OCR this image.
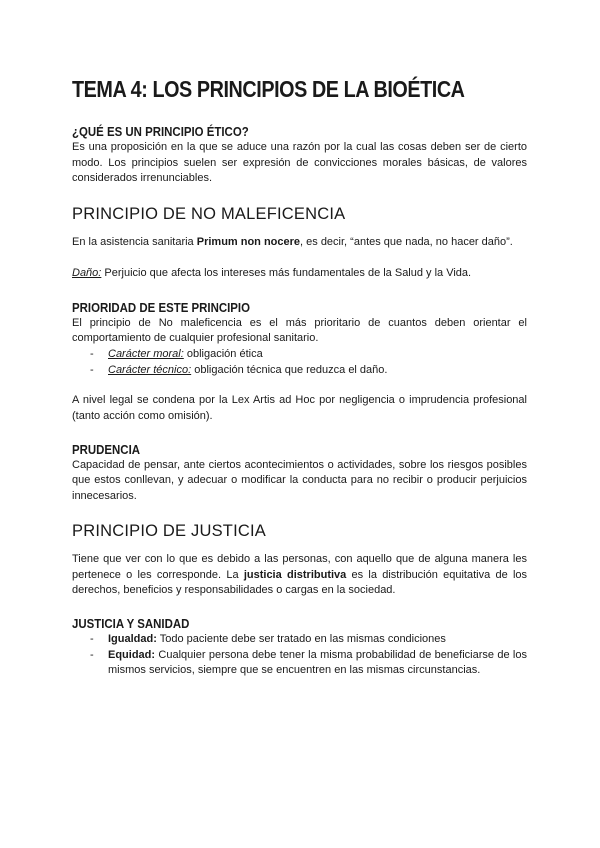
TEMA 4: LOS PRINCIPIOS DE LA BIOÉTICA
¿QUÉ ES UN PRINCIPIO ÉTICO?

Es una proposición en la que se aduce una razón por la cual las cosas deben ser de cierto modo. Los principios suelen ser expresión de convicciones morales básicas, de valores considerados irrenunciables.

PRINCIPIO DE NO MALEFICENCIA

En la asistencia sanitaria Primum non nocere, es decir, “antes que nada, no hacer daño”.

Daño: Perjuicio que afecta los intereses más fundamentales de la Salud y la Vida.

PRIORIDAD DE ESTE PRINCIPIO

El principio de No maleficencia es el más prioritario de cuantos deben orientar el comportamiento de cualquier profesional sanitario.

- Carácter moral: obligación ética
- Carácter técnico: obligación técnica que reduzca el daño.

A nivel legal se condena por la Lex Artis ad Hoc por negligencia o imprudencia profesional (tanto acción como omisión).

PRUDENCIA

Capacidad de pensar, ante ciertos acontecimientos o actividades, sobre los riesgos posibles que estos conllevan, y adecuar o modificar la conducta para no recibir o producir perjuicios innecesarios.

PRINCIPIO DE JUSTICIA

Tiene que ver con lo que es debido a las personas, con aquello que de alguna manera les pertenece o les corresponde. La justicia distributiva es la distribución equitativa de los derechos, beneficios y responsabilidades o cargas en la sociedad.

JUSTICIA Y SANIDAD
- Igualdad: Todo paciente debe ser tratado en las mismas condiciones
- Equidad: Cualquier persona debe tener la misma probabilidad de beneficiarse de los mismos servicios, siempre que se encuentren en las mismas circunstancias.
